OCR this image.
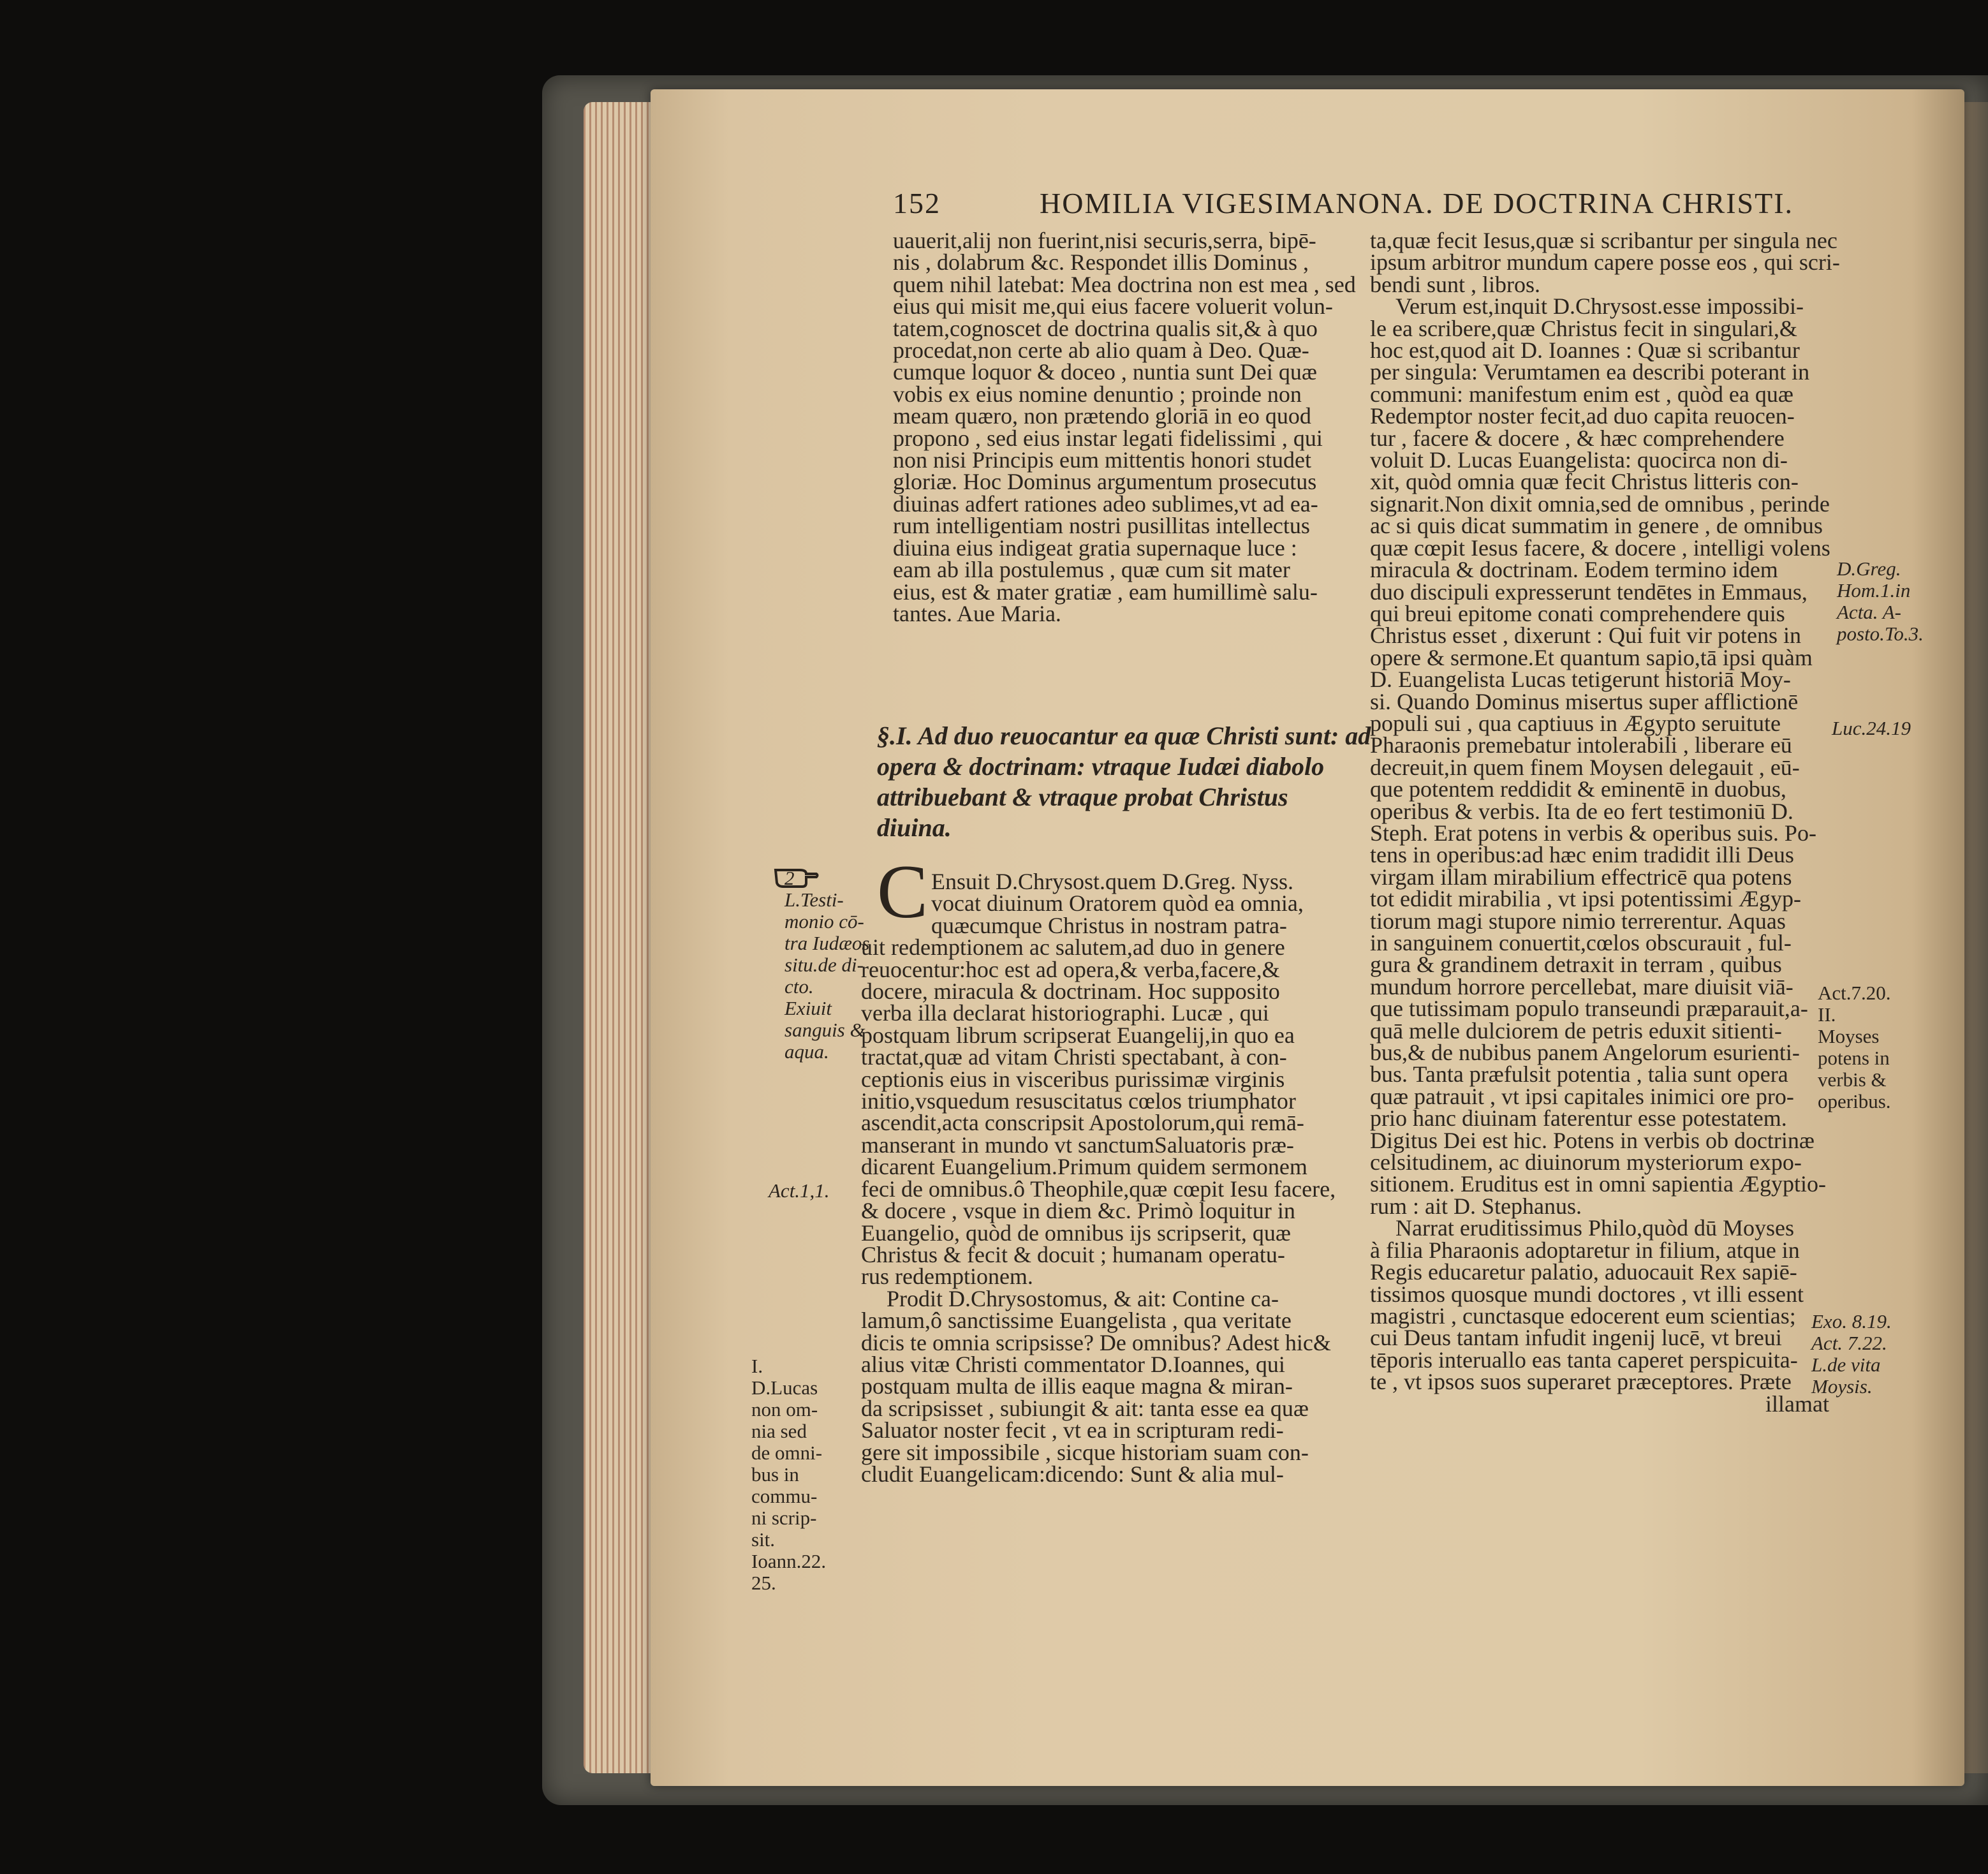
152	HOMILIA VIGESIMANONA. DE DOCTRINA CHRISTI.
uauerit,alij non fuerint,nisi securis,serra, bipē-
nis , dolabrum &c. Respondet illis Dominus ,
quem nihil latebat: Mea doctrina non est mea , sed
eius qui misit me,qui eius facere voluerit volun-
tatem,cognoscet de doctrina qualis sit,& à quo
procedat,non certe ab alio quam à Deo. Quæ-
cumque loquor & doceo , nuntia sunt Dei quæ
vobis ex eius nomine denuntio ; proinde non
meam quæro, non prætendo gloriā in eo quod
propono , sed eius instar legati fidelissimi , qui
non nisi Principis eum mittentis honori studet
gloriæ. Hoc Dominus argumentum prosecutus
diuinas adfert rationes adeo sublimes,vt ad ea-
rum intelligentiam nostri pusillitas intellectus
diuina eius indigeat gratia supernaque luce :
eam ab illa postulemus , quæ cum sit mater
eius, est & mater gratiæ , eam humillimè salu-
tantes. Aue Maria.
§.I. Ad duo reuocantur ea quæ Christi sunt: ad
opera & doctrinam: vtraque Iudæi diabolo
attribuebant & vtraque probat Christus
diuina.
C Ensuit D.Chrysost.quem D.Greg. Nyss.
vocat diuinum Oratorem quòd ea omnia,
quæcumque Christus in nostram patra-
uit redemptionem ac salutem,ad duo in genere
reuocentur:hoc est ad opera,& verba,facere,&
docere, miracula & doctrinam. Hoc supposito
verba illa declarat historiographi. Lucæ , qui
postquam librum scripserat Euangelij,in quo ea
tractat,quæ ad vitam Christi spectabant, à con-
ceptionis eius in visceribus purissimæ virginis
initio,vsquedum resuscitatus cœlos triumphator
ascendit,acta conscripsit Apostolorum,qui remā-
manserant in mundo vt sanctumSaluatoris præ-
dicarent Euangelium.Primum quidem sermonem
feci de omnibus.ô Theophile,quæ cœpit Iesu facere,
& docere , vsque in diem &c. Primò loquitur in
Euangelio, quòd de omnibus ijs scripserit, quæ
Christus & fecit & docuit ; humanam operatu-
rus redemptionem.
Prodit D.Chrysostomus, & ait: Contine ca-
lamum,ô sanctissime Euangelista , qua veritate
dicis te omnia scripsisse? De omnibus? Adest hic&
alius vitæ Christi commentator D.Ioannes, qui
postquam multa de illis eaque magna & miran-
da scripsisset , subiungit & ait: tanta esse ea quæ
Saluator noster fecit , vt ea in scripturam redi-
gere sit impossibile , sicque historiam suam con-
cludit Euangelicam:dicendo: Sunt & alia mul-
ta,quæ fecit Iesus,quæ si scribantur per singula nec
ipsum arbitror mundum capere posse eos , qui scri-
bendi sunt , libros.
Verum est,inquit D.Chrysost.esse impossibi-
le ea scribere,quæ Christus fecit in singulari,&
hoc est,quod ait D. Ioannes : Quæ si scribantur
per singula: Verumtamen ea describi poterant in
communi: manifestum enim est , quòd ea quæ
Redemptor noster fecit,ad duo capita reuocen-
tur , facere & docere , & hæc comprehendere
voluit D. Lucas Euangelista: quocirca non di-
xit, quòd omnia quæ fecit Christus litteris con-
signarit.Non dixit omnia,sed de omnibus , perinde
ac si quis dicat summatim in genere , de omnibus
quæ cœpit Iesus facere, & docere , intelligi volens
miracula & doctrinam. Eodem termino idem
duo discipuli expresserunt tendētes in Emmaus,
qui breui epitome conati comprehendere quis
Christus esset , dixerunt : Qui fuit vir potens in
opere & sermone.Et quantum sapio,tā ipsi quàm
D. Euangelista Lucas tetigerunt historiā Moy-
si. Quando Dominus misertus super afflictionē
populi sui , qua captiuus in Ægypto seruitute
Pharaonis premebatur intolerabili , liberare eū
decreuit,in quem finem Moysen delegauit , eū-
que potentem reddidit & eminentē in duobus,
operibus & verbis. Ita de eo fert testimoniū D.
Steph. Erat potens in verbis & operibus suis. Po-
tens in operibus:ad hæc enim tradidit illi Deus
virgam illam mirabilium effectricē qua potens
tot edidit mirabilia , vt ipsi potentissimi Ægyp-
tiorum magi stupore nimio terrerentur. Aquas
in sanguinem conuertit,cœlos obscurauit , ful-
gura & grandinem detraxit in terram , quibus
mundum horrore percellebat, mare diuisit viā-
que tutissimam populo transeundi præparauit,a-
quā melle dulciorem de petris eduxit sitienti-
bus,& de nubibus panem Angelorum esurienti-
bus. Tanta præfulsit potentia , talia sunt opera
quæ patrauit , vt ipsi capitales inimici ore pro-
prio hanc diuinam faterentur esse potestatem.
Digitus Dei est hic. Potens in verbis ob doctrinæ
celsitudinem, ac diuinorum mysteriorum expo-
sitionem. Eruditus est in omni sapientia Ægyptio-
rum : ait D. Stephanus.
Narrat eruditissimus Philo,quòd dū Moyses
à filia Pharaonis adoptaretur in filium, atque in
Regis educaretur palatio, aduocauit Rex sapiē-
tissimos quosque mundi doctores , vt illi essent
magistri , cunctasque edocerent eum scientias;
cui Deus tantam infudit ingenij lucē, vt breui
tēporis interuallo eas tanta caperet perspicuita-
te , vt ipsos suos superaret præceptores. Præte
illamat
2
L.Testi-
monio cō-
tra Iudæos
situ.de di-
cto.
Exiuit
sanguis &
aqua.
Act.1,1.
I.
D.Lucas
non om-
nia sed
de omni-
bus in
commu-
ni scrip-
sit.
Ioann.22.
25.
D.Greg.
Hom.1.in
Acta. A-
posto.To.3.
Luc.24.19
Act.7.20.
II.
Moyses
potens in
verbis &
operibus.
Exo. 8.19.
Act. 7.22.
L.de vita
Moysis.
